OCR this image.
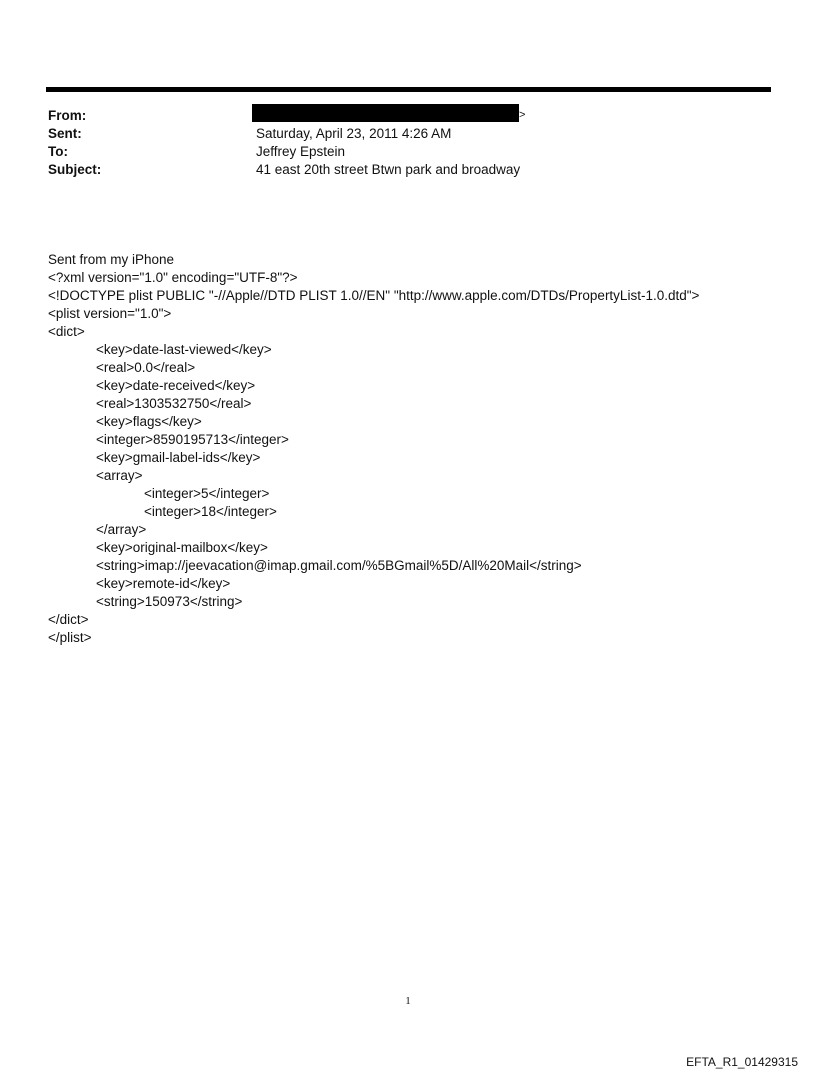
From:	>
Sent:	Saturday, April 23, 2011 4:26 AM
To:	Jeffrey Epstein
Subject:	41 east 20th street Btwn park and broadway
Sent from my iPhone
<?xml version="1.0" encoding="UTF-8"?>
<!DOCTYPE plist PUBLIC "-//Apple//DTD PLIST 1.0//EN" "http://www.apple.com/DTDs/PropertyList-1.0.dtd">
<plist version="1.0">
<dict>
<key>date-last-viewed</key>
<real>0.0</real>
<key>date-received</key>
<real>1303532750</real>
<key>flags</key>
<integer>8590195713</integer>
<key>gmail-label-ids</key>
<array>
<integer>5</integer>
<integer>18</integer>
</array>
<key>original-mailbox</key>
<string>imap://jeevacation@imap.gmail.com/%5BGmail%5D/All%20Mail</string>
<key>remote-id</key>
<string>150973</string>
</dict>
</plist>
1
EFTA_R1_01429315
